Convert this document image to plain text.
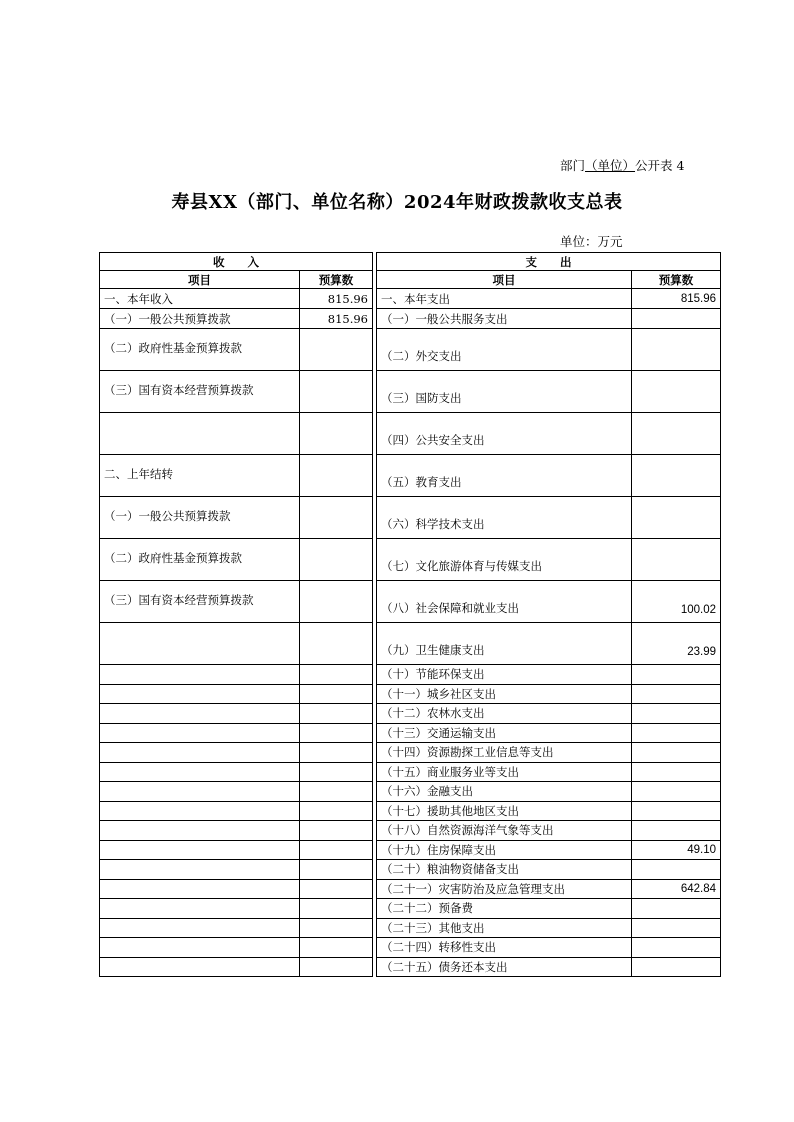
部门（单位）公开表 4
寿县XX（部门、单位名称）2024年财政拨款收支总表
单位：万元
收　　入			支　　出	
项目	预算数		项目	预算数
一、本年收入	815.96		一、本年支出	815.96
（一）一般公共预算拨款	815.96		（一）一般公共服务支出	
（二）政府性基金预算拨款			（二）外交支出	
（三）国有资本经营预算拨款			（三）国防支出	
			（四）公共安全支出	
二、上年结转			（五）教育支出	
（一）一般公共预算拨款			（六）科学技术支出	
（二）政府性基金预算拨款			（七）文化旅游体育与传媒支出	
（三）国有资本经营预算拨款			（八）社会保障和就业支出	100.02
			（九）卫生健康支出	23.99
			（十）节能环保支出	
			（十一）城乡社区支出	
			（十二）农林水支出	
			（十三）交通运输支出	
			（十四）资源勘探工业信息等支出	
			（十五）商业服务业等支出	
			（十六）金融支出	
			（十七）援助其他地区支出	
			（十八）自然资源海洋气象等支出	
			（十九）住房保障支出	49.10
			（二十）粮油物资储备支出	
			（二十一）灾害防治及应急管理支出	642.84
			（二十二）预备费	
			（二十三）其他支出	
			（二十四）转移性支出	
			（二十五）债务还本支出	
